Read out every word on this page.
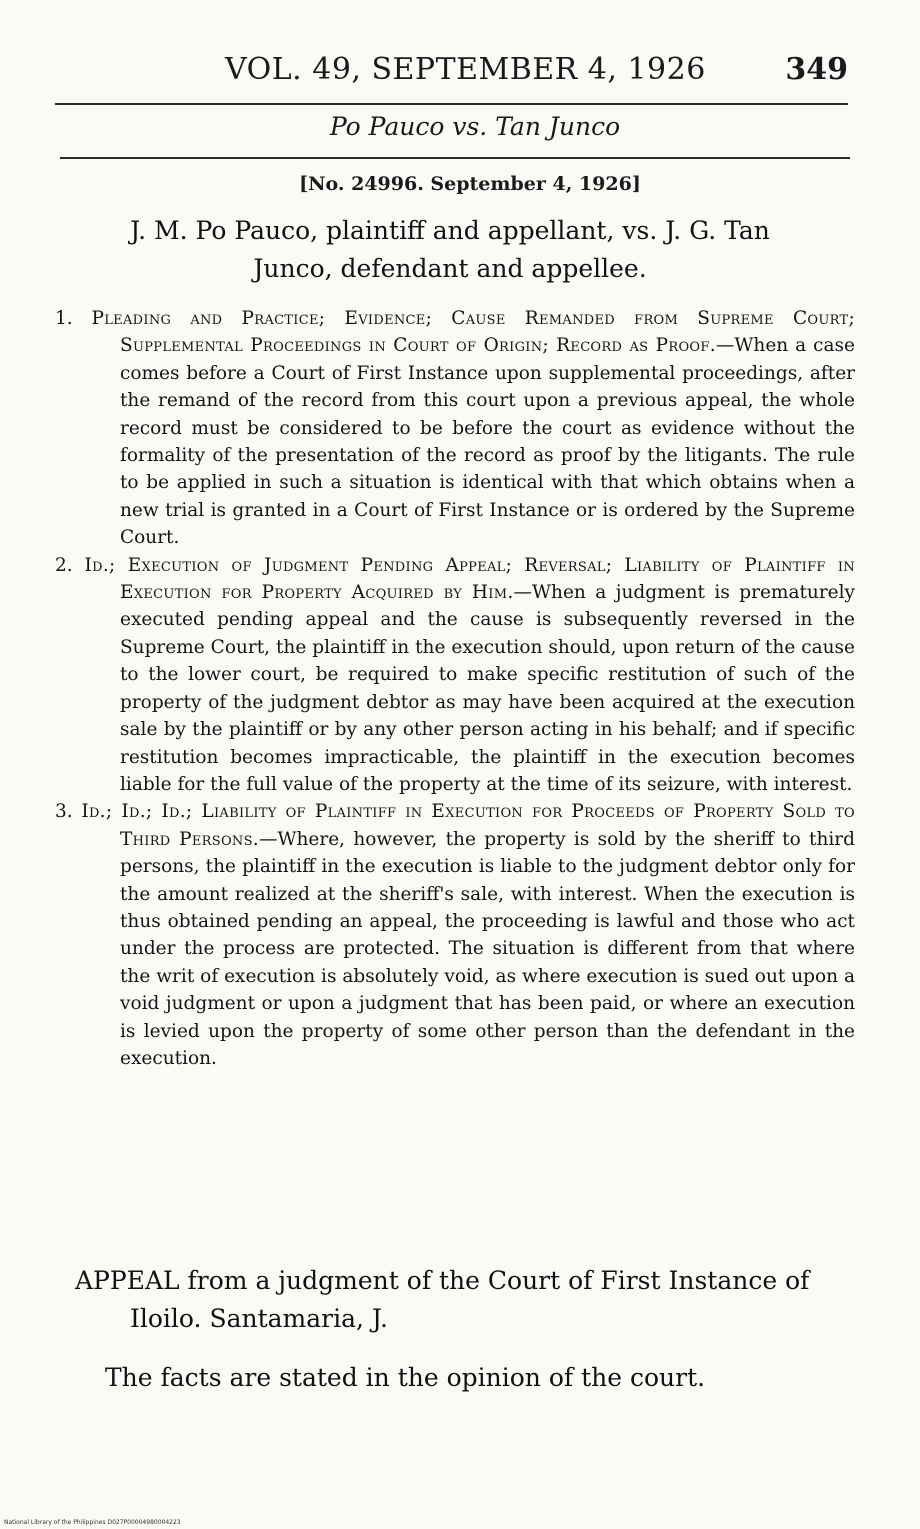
VOL. 49, SEPTEMBER 4, 1926	349
Po Pauco vs. Tan Junco
[No. 24996. September 4, 1926]
J. M. Po Pauco, plaintiff and appellant, vs. J. G. Tan
Junco, defendant and appellee.

1. Pleading and Practice; Evidence; Cause Remanded from Supreme Court; Supplemental Proceedings in Court of Origin; Record as Proof.—When a case comes before a Court of First Instance upon supplemental proceedings, after the remand of the record from this court upon a previous appeal, the whole record must be considered to be before the court as evidence without the formality of the presentation of the record as proof by the litigants. The rule to be applied in such a situation is identical with that which obtains when a new trial is granted in a Court of First Instance or is ordered by the Supreme Court.

2. Id.; Execution of Judgment Pending Appeal; Reversal; Liability of Plaintiff in Execution for Property Acquired by Him.—When a judgment is prematurely executed pending appeal and the cause is subsequently reversed in the Supreme Court, the plaintiff in the execution should, upon return of the cause to the lower court, be required to make specific restitution of such of the property of the judgment debtor as may have been acquired at the execution sale by the plaintiff or by any other person acting in his behalf; and if specific restitution becomes impracticable, the plaintiff in the execution becomes liable for the full value of the property at the time of its seizure, with interest.

3. Id.; Id.; Id.; Liability of Plaintiff in Execution for Proceeds of Property Sold to Third Persons.—Where, however, the property is sold by the sheriff to third persons, the plaintiff in the execution is liable to the judgment debtor only for the amount realized at the sheriff's sale, with interest. When the execution is thus obtained pending an appeal, the proceeding is lawful and those who act under the process are protected. The situation is different from that where the writ of execution is absolutely void, as where execution is sued out upon a void judgment or upon a judgment that has been paid, or where an execution is levied upon the property of some other person than the defendant in the execution.

APPEAL from a judgment of the Court of First Instance of Iloilo. Santamaria, J.

The facts are stated in the opinion of the court.
National Library of the Philippines D027P00004980004223
